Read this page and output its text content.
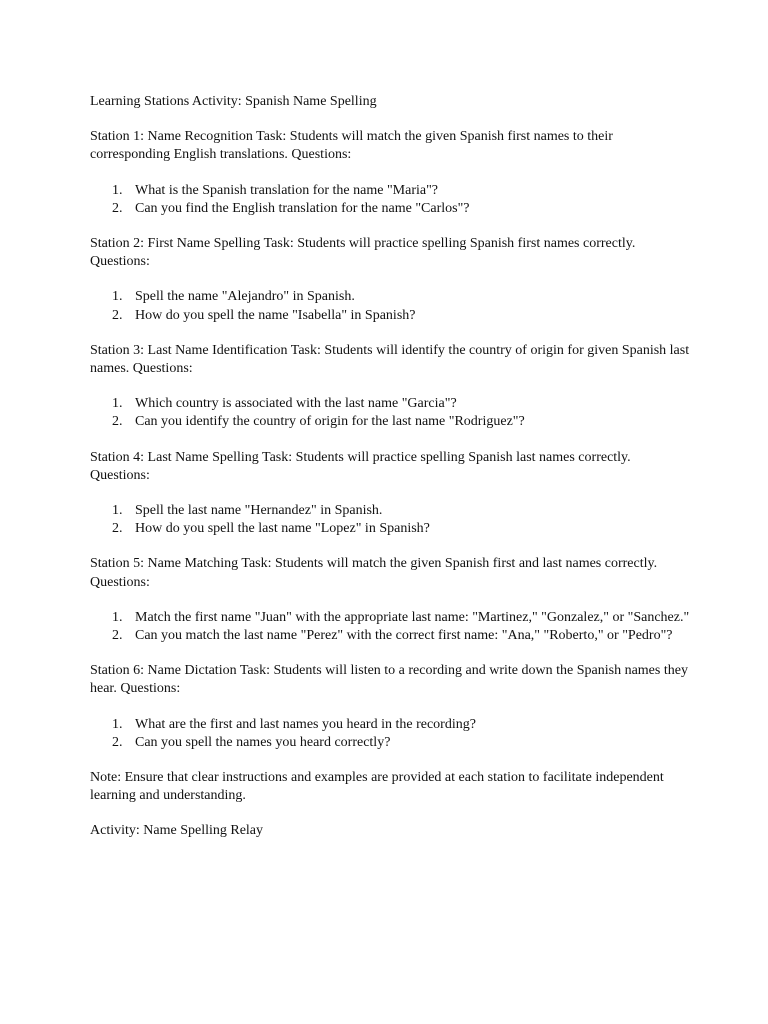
Learning Stations Activity: Spanish Name Spelling
Station 1: Name Recognition Task: Students will match the given Spanish first names to their corresponding English translations. Questions:
1. What is the Spanish translation for the name "Maria"?
2. Can you find the English translation for the name "Carlos"?
Station 2: First Name Spelling Task: Students will practice spelling Spanish first names correctly. Questions:
1. Spell the name "Alejandro" in Spanish.
2. How do you spell the name "Isabella" in Spanish?
Station 3: Last Name Identification Task: Students will identify the country of origin for given Spanish last names. Questions:
1. Which country is associated with the last name "Garcia"?
2. Can you identify the country of origin for the last name "Rodriguez"?
Station 4: Last Name Spelling Task: Students will practice spelling Spanish last names correctly. Questions:
1. Spell the last name "Hernandez" in Spanish.
2. How do you spell the last name "Lopez" in Spanish?
Station 5: Name Matching Task: Students will match the given Spanish first and last names correctly. Questions:
1. Match the first name "Juan" with the appropriate last name: "Martinez," "Gonzalez," or "Sanchez."
2. Can you match the last name "Perez" with the correct first name: "Ana," "Roberto," or "Pedro"?
Station 6: Name Dictation Task: Students will listen to a recording and write down the Spanish names they hear. Questions:
1. What are the first and last names you heard in the recording?
2. Can you spell the names you heard correctly?
Note: Ensure that clear instructions and examples are provided at each station to facilitate independent learning and understanding.
Activity: Name Spelling Relay
